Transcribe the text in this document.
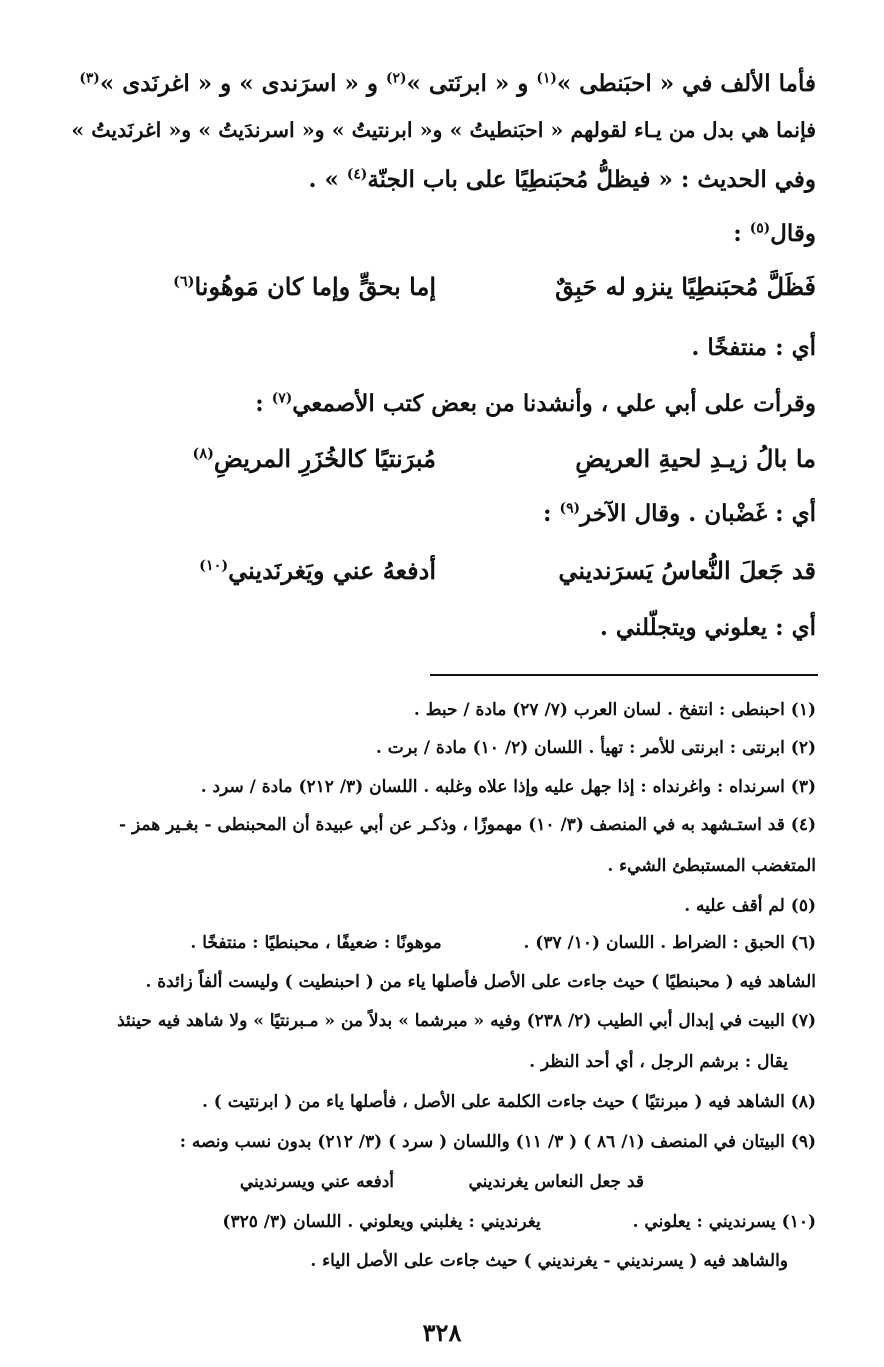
فأما الألف في « احبَنطى »$^{(١)}$ و « ابرنَتى »$^{(٢)}$ و « اسرَندى » و « اغرنَدى »$^{(٣)}$
فإنما هي بدل من يـاء لقولهم « احبَنطيتُ » و« ابرنتيتُ » و« اسرندَيتُ » و« اغرنَديتُ »
وفي الحديث : « فيظلُّ مُحبَنطِيًا على باب الجنّة$^{(٤)}$ » .
وقال$^{(٥)}$ :
فَظَلَّ مُحبَنطِيًا ينزو له حَبِقٌ
إما بحقٍّ وإما كان مَوهُونا$^{(٦)}$
أي : منتفخًا .
وقرأت على أبي علي ، وأنشدنا من بعض كتب الأصمعي$^{(٧)}$ :
ما بالُ زيـدِ لحيةِ العريضِ
مُبرَنتيًا كالخُزَرِ المريضِ$^{(٨)}$
أي : غَضْبان . وقال الآخر$^{(٩)}$ :
قد جَعلَ النُّعاسُ يَسرَنديني
أدفعهُ عني ويَغرنَديني$^{(١٠)}$
أي : يعلوني ويتجلّلني .
(١) احبنطى : انتفخ . لسان العرب (٧/ ٢٧) مادة / حبط .
(٢) ابرنتى : ابرنتى للأمر : تهيأ . اللسان (٢/ ١٠) مادة / برت .
(٣) اسرنداه : واغرنداه : إذا جهل عليه وإذا علاه وغلبه . اللسان (٣/ ٢١٢) مادة / سرد .
(٤) قد استـشهد به في المنصف (٣/ ١٠) مهموزًا ، وذكـر عن أبي عبيدة أن المحبنطى - بغـير همز -
المتغضب المستبطئ الشيء .
(٥) لم أقف عليه .
(٦) الحبق : الضراط . اللسان (١٠/ ٣٧) .  موهونًا : ضعيفًا ، محبنطيًا : منتفخًا .
الشاهد فيه ( محبنطيًا ) حيث جاءت على الأصل فأصلها ياء من ( احبنطيت ) وليست ألفاً زائدة .
(٧) البيت في إبدال أبي الطيب (٢/ ٢٣٨) وفيه « مبرشما » بدلاً من « مـبرنتيًا » ولا شاهد فيه حينئذ
يقال : برشم الرجل ، أي أحد النظر .
(٨) الشاهد فيه ( مبرنتيًا ) حيث جاءت الكلمة على الأصل ، فأصلها ياء من ( ابرنتيت ) .
(٩) البيتان في المنصف (١/ ٨٦ ) ( ٣/ ١١) واللسان ( سرد ) (٣/ ٢١٢) بدون نسب ونصه :
قد جعل النعاس يغرنديني
أدفعه عني ويسرنديني
(١٠) يسرنديني : يعلوني .  يغرنديني : يغلبني ويعلوني . اللسان (٣/ ٣٢٥)
والشاهد فيه ( يسرنديني - يغرنديني ) حيث جاءت على الأصل الياء .
٣٢٨
